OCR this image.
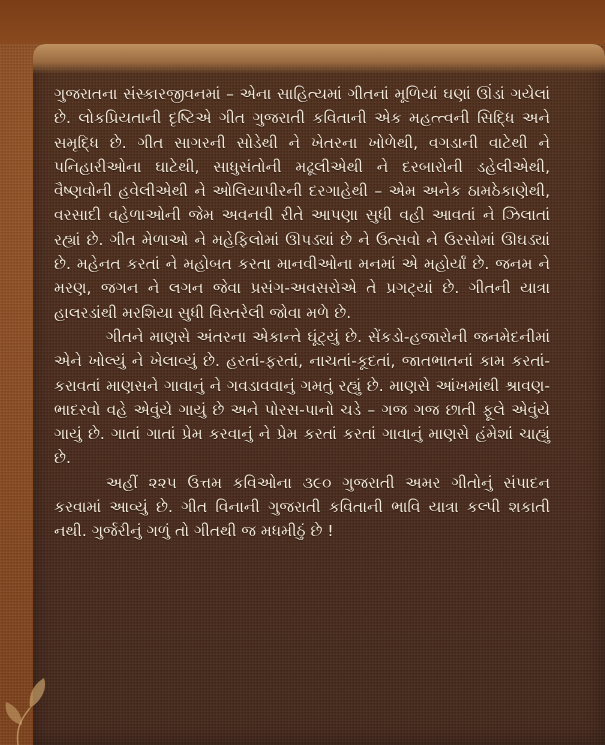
ગુજરાતના સંસ્કારજીવનમાં – એના સાહિત્યમાં ગીતનાં મૂળિયાં ઘણાં ઊંડાં ગયેલાં છે. લોકપ્રિયતાની દૃષ્ટિએ ગીત ગુજરાતી કવિતાની એક મહત્ત્વની સિદ્ધિ અને સમૃદ્ધિ છે. ગીત સાગરની સોડેથી ને ખેતરના ખોળેથી, વગડાની વાટેથી ને પનિહારીઓના ઘાટેથી, સાધુસંતોની મઢૂલીએથી ને દરબારોની ડહેલીએથી, વૈષ્ણવોની હવેલીએથી ને ઓલિયાપીરની દરગાહેથી – એમ અનેક ઠામઠેકાણેથી, વરસાદી વહેળાઓની જેમ અવનવી રીતે આપણા સુધી વહી આવતાં ને ઝિલાતાં રહ્યાં છે. ગીત મેળાઓ ને મહેફિલોમાં ઊપડ્યાં છે ને ઉત્સવો ને ઉરસોમાં ઊઘડ્યાં છે. મહેનત કરતાં ને મહોબત કરતા માનવીઓના મનમાં એ મહોર્યાં છે. જનમ ને મરણ, જગન ને લગન જેવા પ્રસંગ-અવસરોએ તે પ્રગટ્યાં છે. ગીતની યાત્રા હાલરડાંથી મરશિયા સુધી વિસ્તરેલી જોવા મળે છે.

ગીતને માણસે અંતરના એકાન્તે ઘૂંટ્યું છે. સેંકડો-હજારોની જનમેદનીમાં એને ખોલ્યું ને ખેલાવ્યું છે. હરતાં-ફરતાં, નાચતાં-કૂદતાં, જાતભાતનાં કામ કરતાં-કરાવતાં માણસને ગાવાનું ને ગવડાવવાનું ગમતું રહ્યું છે. માણસે આંખમાંથી શ્રાવણ-ભાદરવો વહે એવુંયે ગાયું છે અને પોરસ-પાનો ચડે – ગજ ગજ છાતી ફૂલે એવુંયે ગાયું છે. ગાતાં ગાતાં પ્રેમ કરવાનું ને પ્રેમ કરતાં કરતાં ગાવાનું માણસે હંમેશાં ચાહ્યું છે.

અહીં ૨૨૫ ઉત્તમ કવિઓના ૩૯૦ ગુજરાતી અમર ગીતોનું સંપાદન કરવામાં આવ્યું છે. ગીત વિનાની ગુજરાતી કવિતાની ભાવિ યાત્રા કલ્પી શકાતી નથી. ગુર્જરીનું ગળું તો ગીતથી જ મધમીઠું છે !
